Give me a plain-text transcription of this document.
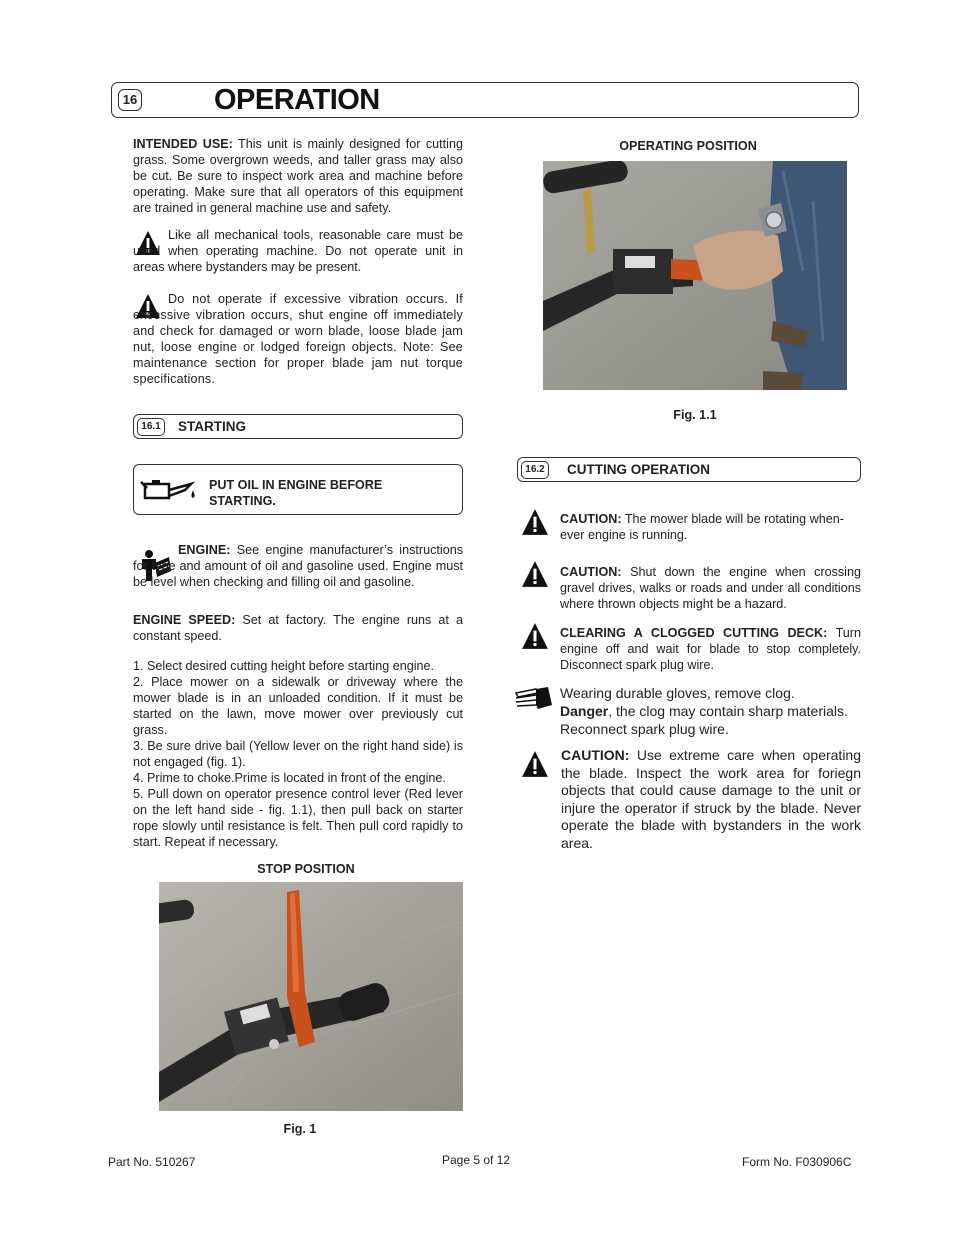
16	OPERATION
INTENDED USE: This unit is mainly designed for cutting grass. Some overgrown weeds, and taller grass may also be cut. Be sure to inspect work area and machine before operating. Make sure that all operators of this equipment are trained in general machine use and safety.
Like all mechanical tools, reasonable care must be used when operating machine. Do not operate unit in areas where bystanders may be present.
Do not operate if excessive vibration occurs. If excessive vibration occurs, shut engine off immediately and check for damaged or worn blade, loose blade jam nut, loose engine or lodged foreign objects. Note: See maintenance section for proper blade jam nut torque specifications.
16.1	STARTING
PUT OIL IN ENGINE BEFORE STARTING.
ENGINE: See engine manufacturer’s instructions for type and amount of oil and gasoline used. Engine must be level when checking and filling oil and gasoline.
ENGINE SPEED: Set at factory. The engine runs at a constant speed.
1. Select desired cutting height before starting engine.
2. Place mower on a sidewalk or driveway where the mower blade is in an unloaded condition. If it must be started on the lawn, move mower over previously cut grass.
3. Be sure drive bail (Yellow lever on the right hand side) is not engaged (fig. 1).
4. Prime to choke.Prime is located in front of the engine.
5. Pull down on operator presence control lever (Red lever on the left hand side - fig. 1.1), then pull back on starter rope slowly until resistance is felt. Then pull cord rapidly to start. Repeat if necessary.
STOP POSITION
Fig. 1
OPERATING POSITION
Fig. 1.1
16.2	CUTTING OPERATION
CAUTION: The mower blade will be rotating when-ever engine is running.
CAUTION: Shut down the engine when crossing gravel drives, walks or roads and under all conditions where thrown objects might be a hazard.
CLEARING A CLOGGED CUTTING DECK: Turn engine off and wait for blade to stop completely. Disconnect spark plug wire.
Wearing durable gloves, remove clog.
Danger, the clog may contain sharp materials. Reconnect spark plug wire.
CAUTION: Use extreme care when operating the blade. Inspect the work area for foriegn objects that could cause damage to the unit or injure the operator if struck by the blade. Never operate the blade with bystanders in the work area.
Part No. 510267	Page 5 of 12	Form No. F030906C
